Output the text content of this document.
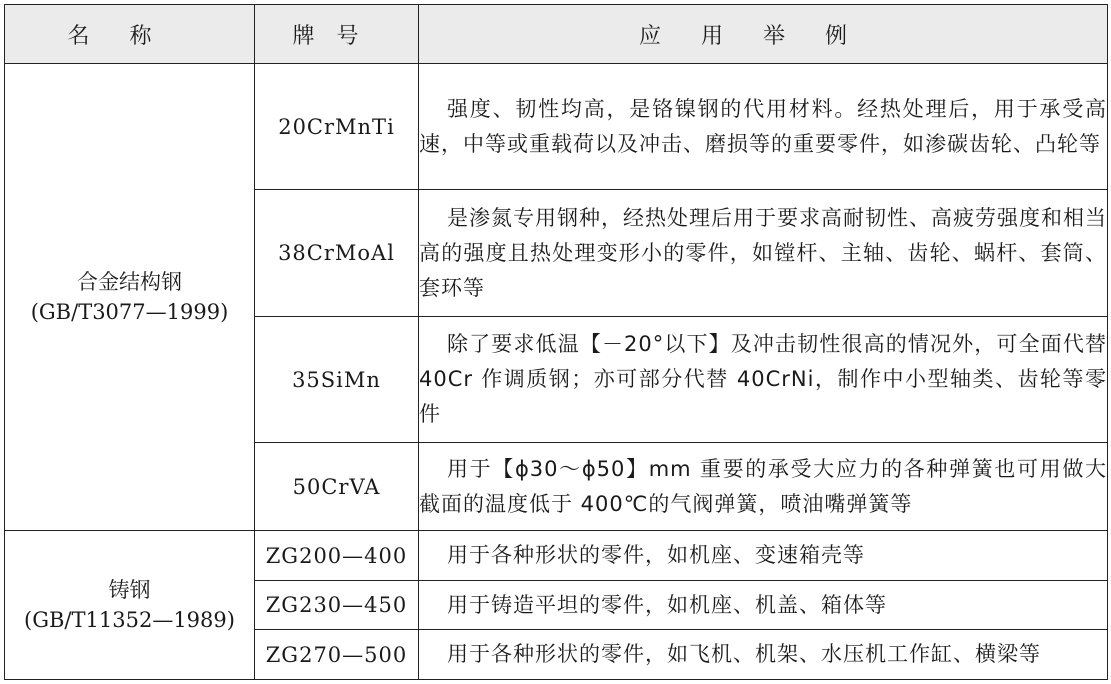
名称	牌号	应用举例
合金结构钢
(GB/T3077—1999)	20CrMnTi	强度、韧性均高，是铬镍钢的代用材料。经热处理后，用于承受高速，中等或重载荷以及冲击、磨损等的重要零件，如渗碳齿轮、凸轮等
	38CrMoAl	是渗氮专用钢种，经热处理后用于要求高耐韧性、高疲劳强度和相当高的强度且热处理变形小的零件，如镗杆、主轴、齿轮、蜗杆、套筒、套环等
	35SiMn	除了要求低温【－20°以下】及冲击韧性很高的情况外，可全面代替 40Cr 作调质钢；亦可部分代替 40CrNi，制作中小型轴类、齿轮等零件
	50CrVA	用于【ϕ30～ϕ50】mm 重要的承受大应力的各种弹簧也可用做大截面的温度低于 400℃的气阀弹簧，喷油嘴弹簧等
铸钢
(GB/T11352—1989)	ZG200—400	用于各种形状的零件，如机座、变速箱壳等
	ZG230—450	用于铸造平坦的零件，如机座、机盖、箱体等
	ZG270—500	用于各种形状的零件，如飞机、机架、水压机工作缸、横梁等
